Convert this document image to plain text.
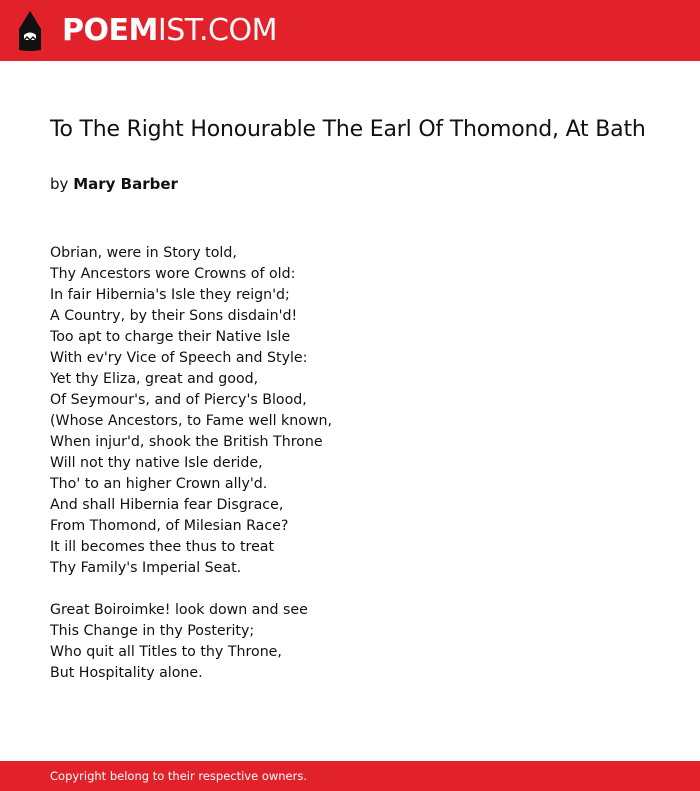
POEMIST.COM
To The Right Honourable The Earl Of Thomond, At Bath
by Mary Barber
Obrian, were in Story told,
Thy Ancestors wore Crowns of old:
In fair Hibernia's Isle they reign'd;
A Country, by their Sons disdain'd!
Too apt to charge their Native Isle
With ev'ry Vice of Speech and Style:
Yet thy Eliza, great and good,
Of Seymour's, and of Piercy's Blood,
(Whose Ancestors, to Fame well known,
When injur'd, shook the British Throne
Will not thy native Isle deride,
Tho' to an higher Crown ally'd.
And shall Hibernia fear Disgrace,
From Thomond, of Milesian Race?
It ill becomes thee thus to treat
Thy Family's Imperial Seat.
Great Boiroimke! look down and see
This Change in thy Posterity;
Who quit all Titles to thy Throne,
But Hospitality alone.
Copyright belong to their respective owners.
